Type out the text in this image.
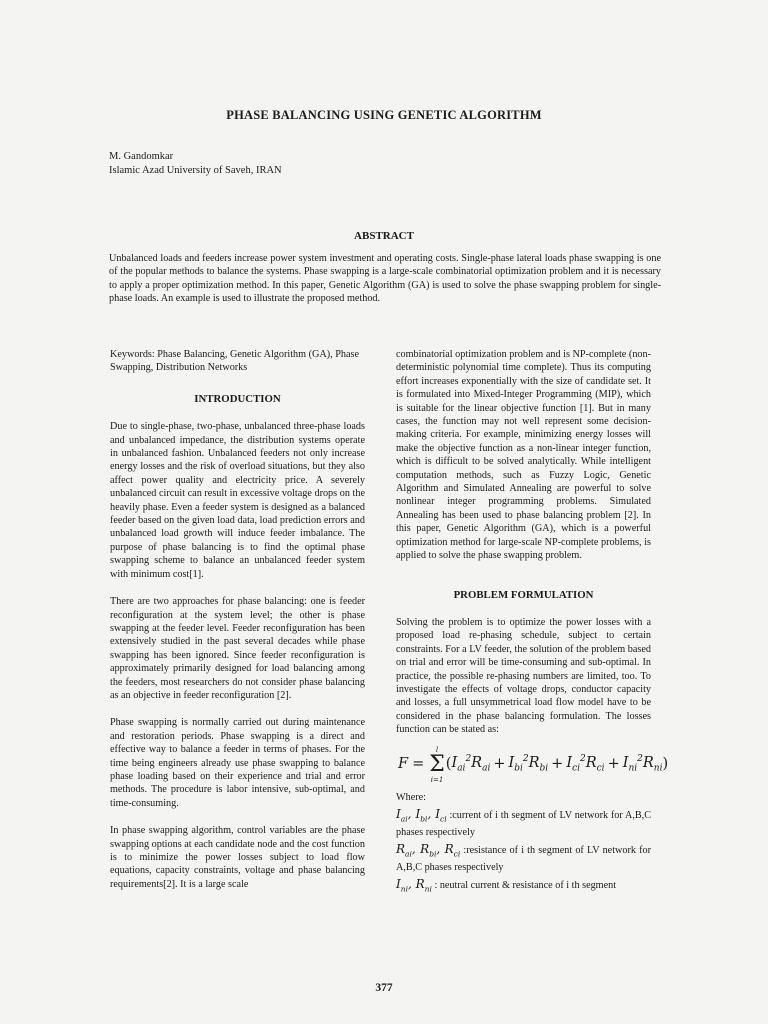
PHASE BALANCING USING GENETIC ALGORITHM
M. Gandomkar
Islamic Azad University of Saveh, IRAN
ABSTRACT
Unbalanced loads and feeders increase power system investment and operating costs. Single-phase lateral loads phase swapping is one of the popular methods to balance the systems. Phase swapping is a large-scale combinatorial optimization problem and it is necessary to apply a proper optimization method. In this paper, Genetic Algorithm (GA) is used to solve the phase swapping problem for single-phase loads. An example is used to illustrate the proposed method.

Keywords: Phase Balancing, Genetic Algorithm (GA), Phase Swapping, Distribution Networks

INTRODUCTION

Due to single-phase, two-phase, unbalanced three-phase loads and unbalanced impedance, the distribution systems operate in unbalanced fashion. Unbalanced feeders not only increase energy losses and the risk of overload situations, but they also affect power quality and electricity price. A severely unbalanced circuit can result in excessive voltage drops on the heavily phase. Even a feeder system is designed as a balanced feeder based on the given load data, load prediction errors and unbalanced load growth will induce feeder imbalance. The purpose of phase balancing is to find the optimal phase swapping scheme to balance an unbalanced feeder system with minimum cost[1].

There are two approaches for phase balancing: one is feeder reconfiguration at the system level; the other is phase swapping at the feeder level. Feeder reconfiguration has been extensively studied in the past several decades while phase swapping has been ignored. Since feeder reconfiguration is approximately primarily designed for load balancing among the feeders, most researchers do not consider phase balancing as an objective in feeder reconfiguration [2].

Phase swapping is normally carried out during maintenance and restoration periods. Phase swapping is a direct and effective way to balance a feeder in terms of phases. For the time being engineers already use phase swapping to balance phase loading based on their experience and trial and error methods. The procedure is labor intensive, sub-optimal, and time-consuming.

In phase swapping algorithm, control variables are the phase swapping options at each candidate node and the cost function is to minimize the power losses subject to load flow equations, capacity constraints, voltage and phase balancing requirements[2]. It is a large scale

combinatorial optimization problem and is NP-complete (non-deterministic polynomial time complete). Thus its computing effort increases exponentially with the size of candidate set. It is formulated into Mixed-Integer Programming (MIP), which is suitable for the linear objective function [1]. But in many cases, the function may not well represent some decision-making criteria. For example, minimizing energy losses will make the objective function as a non-linear integer function, which is difficult to be solved analytically. While intelligent computation methods, such as Fuzzy Logic, Genetic Algorithm and Simulated Annealing are powerful to solve nonlinear integer programming problems. Simulated Annealing has been used to phase balancing problem [2]. In this paper, Genetic Algorithm (GA), which is a powerful optimization method for large-scale NP-complete problems, is applied to solve the phase swapping problem.

PROBLEM FORMULATION

Solving the problem is to optimize the power losses with a proposed load re-phasing schedule, subject to certain constraints. For a LV feeder, the solution of the problem based on trial and error will be time-consuming and sub-optimal. In practice, the possible re-phasing numbers are limited, too. To investigate the effects of voltage drops, conductor capacity and losses, a full unsymmetrical load flow model have to be considered in the phase balancing formulation. The losses function can be stated as:

F =
l
Σ
i=1
( $I_{ai}^2R_{ai} + I_{bi}^2R_{bi} + I_{ci}^2R_{ci} + I_{ni}^2R_{ni}$ )

Where:

$I_{ai}$, $I_{bi}$, $I_{ci}$ :current of i th segment of LV network for A,B,C phases respectively

$R_{ai}$, $R_{bi}$, $R_{ci}$ :resistance of i th segment of LV network for A,B,C phases respectively

$I_{ni}$, $R_{ni}$ : neutral current & resistance of i th segment

377
